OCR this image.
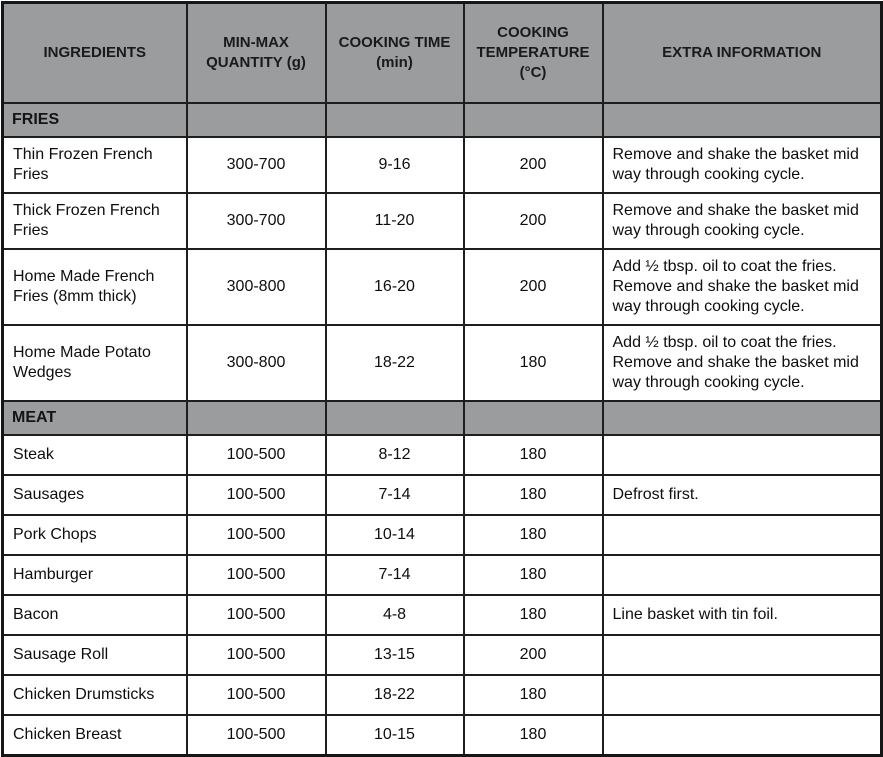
INGREDIENTS	MIN-MAX QUANTITY (g)	COOKING TIME (min)	COOKING TEMPERATURE (°C)	EXTRA INFORMATION
FRIES				
Thin Frozen French Fries	300-700	9-16	200	Remove and shake the basket mid way through cooking cycle.
Thick Frozen French Fries	300-700	11-20	200	Remove and shake the basket mid way through cooking cycle.
Home Made French Fries (8mm thick)	300-800	16-20	200	Add ½ tbsp. oil to coat the fries. Remove and shake the basket mid way through cooking cycle.
Home Made Potato Wedges	300-800	18-22	180	Add ½ tbsp. oil to coat the fries. Remove and shake the basket mid way through cooking cycle.
MEAT				
Steak	100-500	8-12	180	
Sausages	100-500	7-14	180	Defrost first.
Pork Chops	100-500	10-14	180	
Hamburger	100-500	7-14	180	
Bacon	100-500	4-8	180	Line basket with tin foil.
Sausage Roll	100-500	13-15	200	
Chicken Drumsticks	100-500	18-22	180	
Chicken Breast	100-500	10-15	180	
